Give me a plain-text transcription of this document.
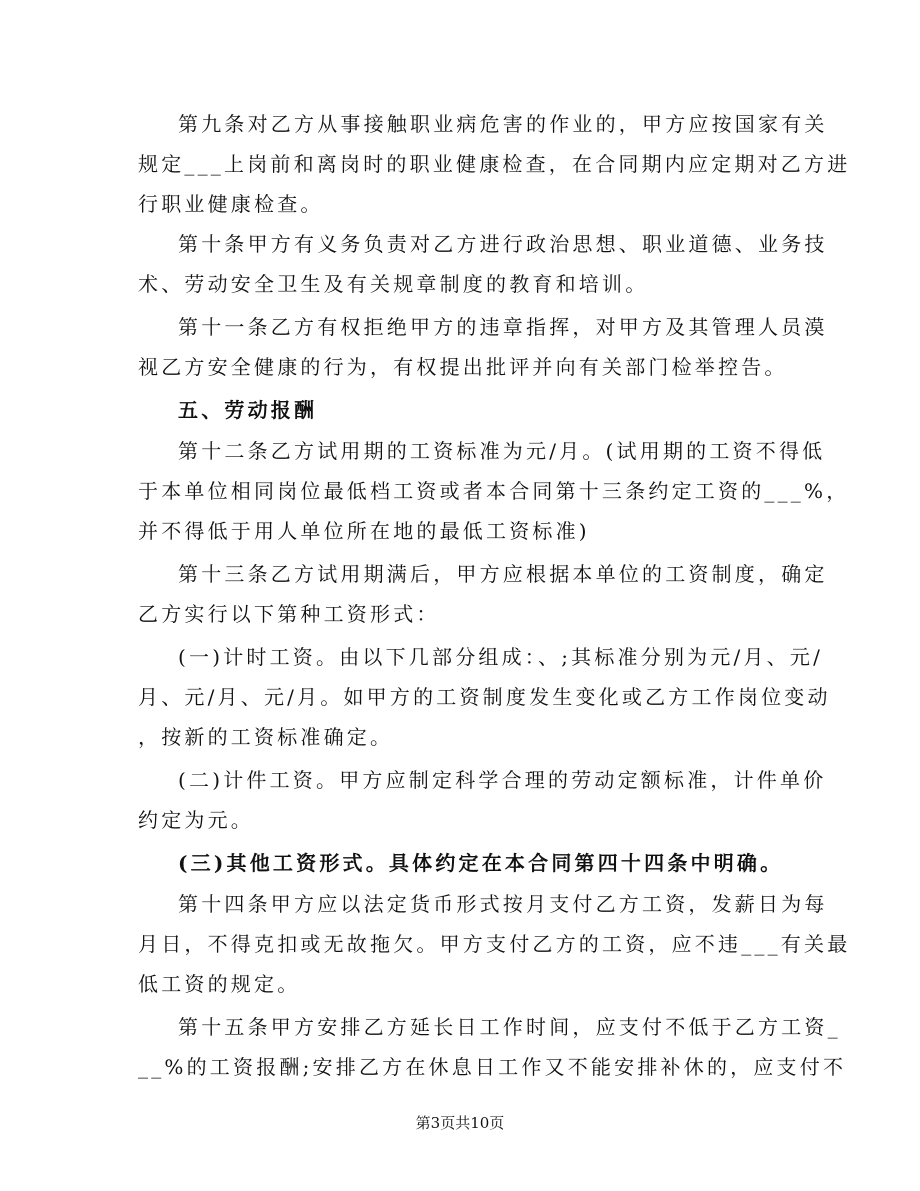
第九条对乙方从事接触职业病危害的作业的，甲方应按国家有关
规定___上岗前和离岗时的职业健康检查，在合同期内应定期对乙方进
行职业健康检查。
第十条甲方有义务负责对乙方进行政治思想、职业道德、业务技
术、劳动安全卫生及有关规章制度的教育和培训。
第十一条乙方有权拒绝甲方的违章指挥，对甲方及其管理人员漠
视乙方安全健康的行为，有权提出批评并向有关部门检举控告。
五、劳动报酬
第十二条乙方试用期的工资标准为元/月。(试用期的工资不得低
于本单位相同岗位最低档工资或者本合同第十三条约定工资的___%，
并不得低于用人单位所在地的最低工资标准)
第十三条乙方试用期满后，甲方应根据本单位的工资制度，确定
乙方实行以下第种工资形式：
(一)计时工资。由以下几部分组成：、;其标准分别为元/月、元/
月、元/月、元/月。如甲方的工资制度发生变化或乙方工作岗位变动
，按新的工资标准确定。
(二)计件工资。甲方应制定科学合理的劳动定额标准，计件单价
约定为元。
(三)其他工资形式。具体约定在本合同第四十四条中明确。
第十四条甲方应以法定货币形式按月支付乙方工资，发薪日为每
月日，不得克扣或无故拖欠。甲方支付乙方的工资，应不违___有关最
低工资的规定。
第十五条甲方安排乙方延长日工作时间，应支付不低于乙方工资_
__%的工资报酬;安排乙方在休息日工作又不能安排补休的，应支付不
第3页共10页
